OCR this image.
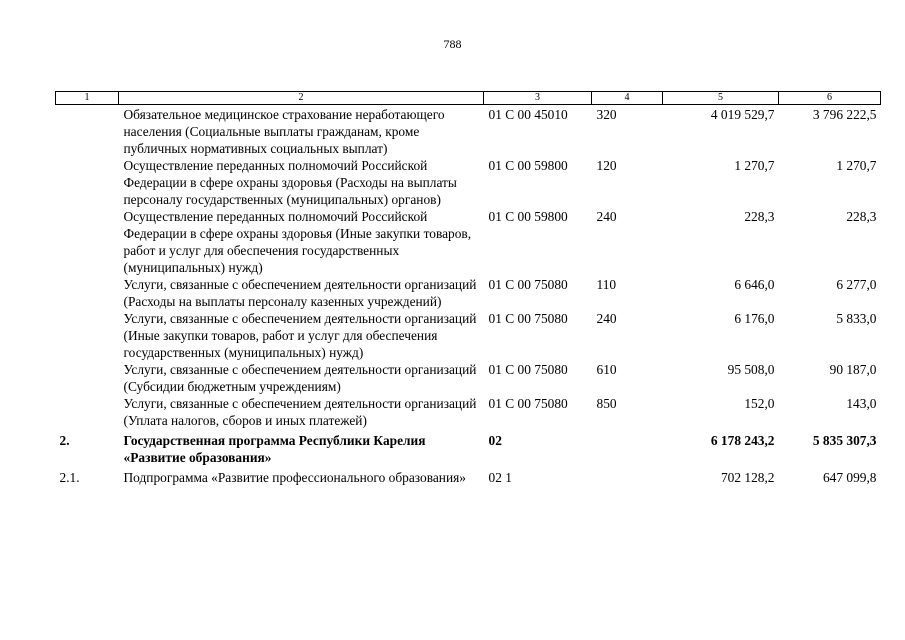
788
1	2	3	4	5	6
	Обязательное медицинское страхование неработающего населения (Социальные выплаты гражданам, кроме публичных нормативных социальных выплат)	01 С 00 45010	320	4 019 529,7	3 796 222,5
	Осуществление переданных полномочий Российской Федерации в сфере охраны здоровья (Расходы на выплаты персоналу государственных (муниципальных) органов)	01 С 00 59800	120	1 270,7	1 270,7
	Осуществление переданных полномочий Российской Федерации в сфере охраны здоровья (Иные закупки товаров, работ и услуг для обеспечения государственных (муниципальных) нужд)	01 С 00 59800	240	228,3	228,3
	Услуги, связанные с обеспечением деятельности организаций (Расходы на выплаты персоналу казенных учреждений)	01 С 00 75080	110	6 646,0	6 277,0
	Услуги, связанные с обеспечением деятельности организаций (Иные закупки товаров, работ и услуг для обеспечения государственных (муниципальных) нужд)	01 С 00 75080	240	6 176,0	5 833,0
	Услуги, связанные с обеспечением деятельности организаций (Субсидии бюджетным учреждениям)	01 С 00 75080	610	95 508,0	90 187,0
	Услуги, связанные с обеспечением деятельности организаций (Уплата налогов, сборов и иных платежей)	01 С 00 75080	850	152,0	143,0
2.	Государственная программа Республики Карелия «Развитие образования»	02		6 178 243,2	5 835 307,3
2.1.	Подпрограмма «Развитие профессионального образования»	02 1		702 128,2	647 099,8
